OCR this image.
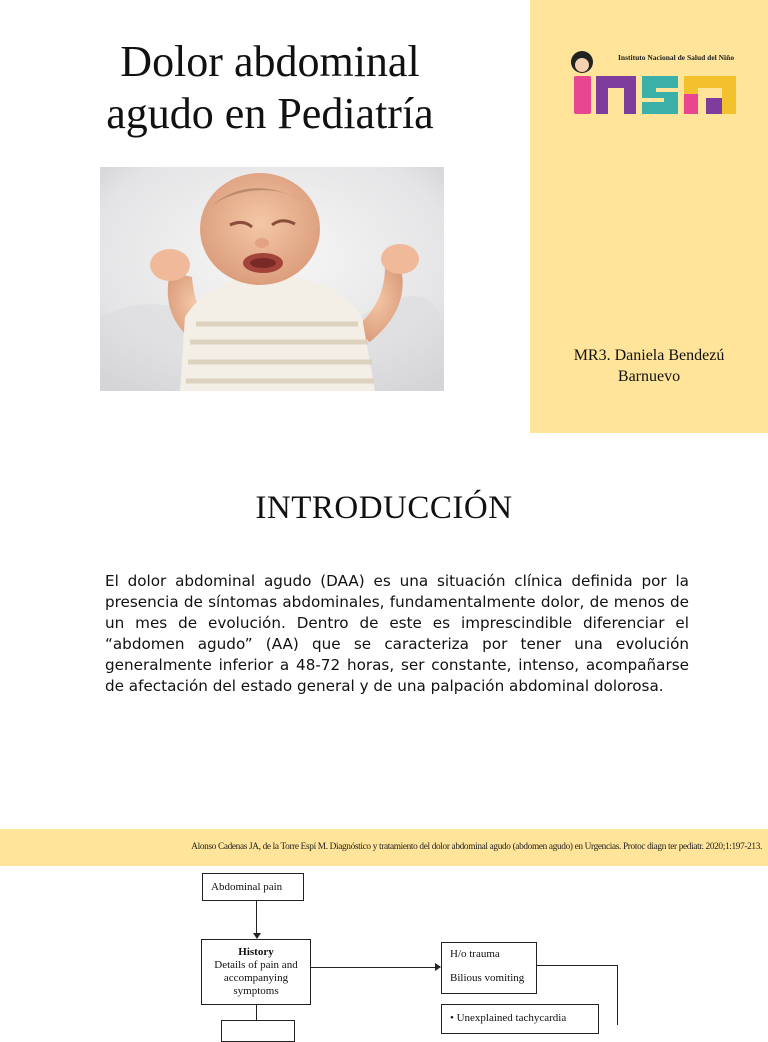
Dolor abdominal
agudo en Pediatría
Instituto Nacional de Salud del Niño
MR3. Daniela Bendezú
Barnuevo
INTRODUCCIÓN

El dolor abdominal agudo (DAA) es una situación clínica definida por la presencia de síntomas abdominales, fundamentalmente dolor, de menos de un mes de evolución. Dentro de este es imprescindible diferenciar el “abdomen agudo” (AA) que se caracteriza por tener una evolución generalmente inferior a 48-72 horas, ser constante, intenso, acompañarse de afectación del estado general y de una palpación abdominal dolorosa.

Alonso Cadenas JA, de la Torre Espí M. Diagnóstico y tratamiento del dolor abdominal agudo (abdomen agudo) en Urgencias. Protoc diagn ter pediatr. 2020;1:197-213.
Abdominal pain
History
Details of pain and
accompanying
symptoms
H/o trauma
Bilious vomiting
• Unexplained tachycardia
